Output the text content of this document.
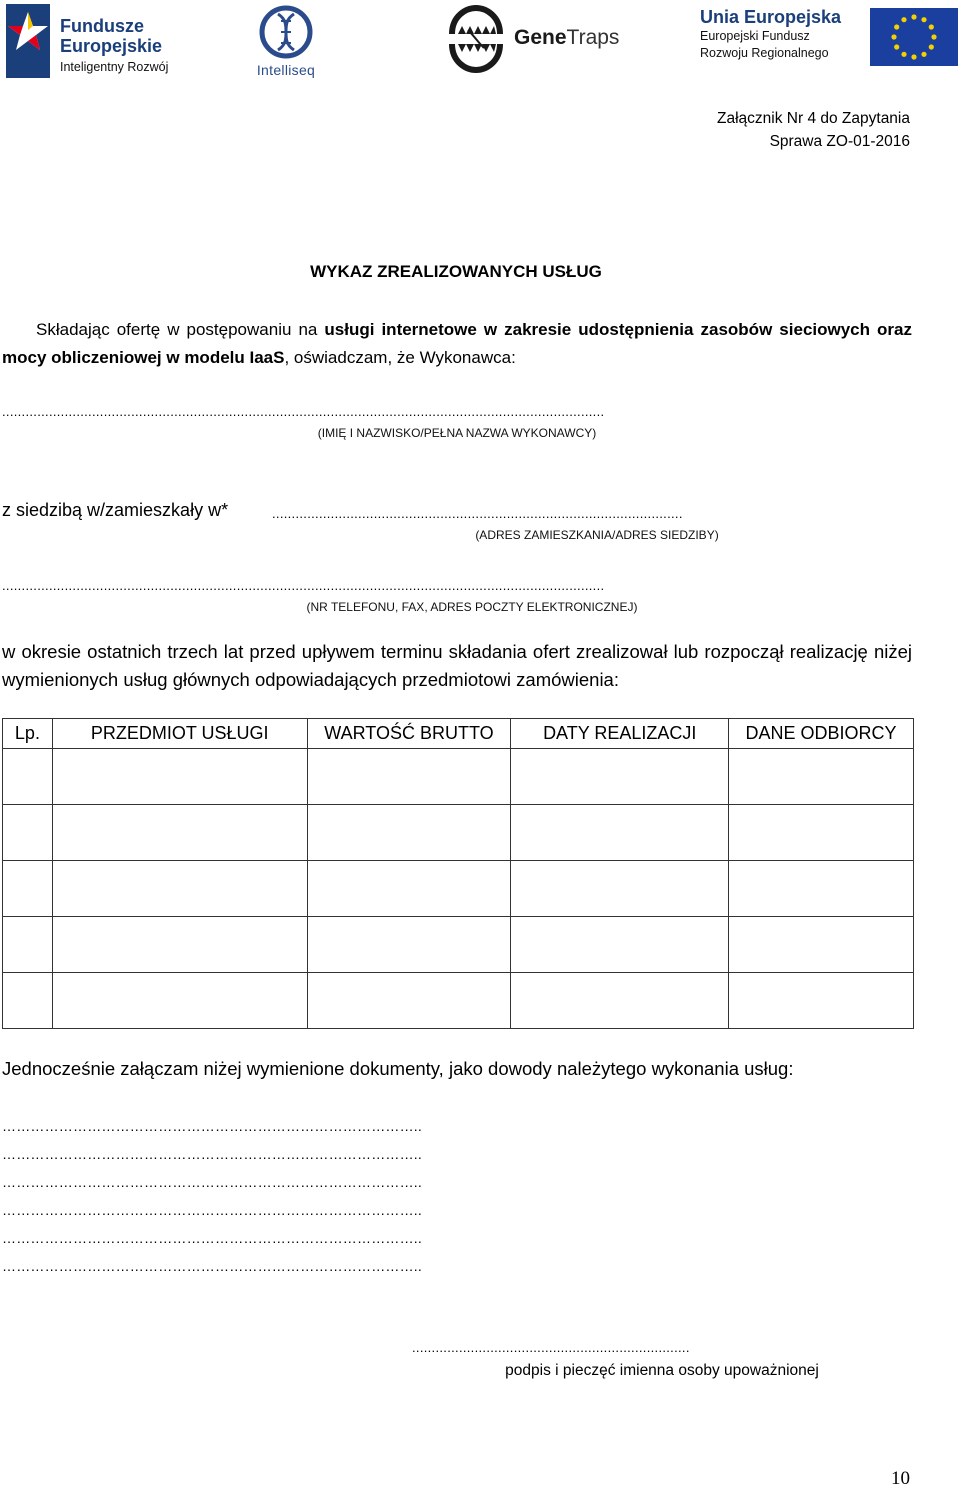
Fundusze
Europejskie
Inteligentny Rozwój	Intelliseq
GeneTraps
Unia Europejska
Europejski Fundusz
Rozwoju Regionalnego
Załącznik Nr 4 do Zapytania
Sprawa ZO-01-2016
WYKAZ ZREALIZOWANYCH USŁUG
Składając ofertę w postępowaniu na usługi internetowe w zakresie udostępnienia zasobów sieciowych oraz mocy obliczeniowej w modelu IaaS, oświadczam, że Wykonawca:
..........................................................................................................................................................
(IMIĘ I NAZWISKO/PEŁNA NAZWA WYKONAWCY)
z siedzibą w/zamieszkały w*	.........................................................................................................
(ADRES ZAMIESZKANIA/ADRES SIEDZIBY)
..........................................................................................................................................................
(NR TELEFONU, FAX, ADRES POCZTY ELEKTRONICZNEJ)
w okresie ostatnich trzech lat przed upływem terminu składania ofert zrealizował lub rozpoczął realizację niżej wymienionych usług głównych odpowiadających przedmiotowi zamówienia:
Lp.	PRZEDMIOT USŁUGI	WARTOŚĆ BRUTTO	DATY REALIZACJI	DANE ODBIORCY

Jednocześnie załączam niżej wymienione dokumenty, jako dowody należytego wykonania usług:
……………………………………………………………………………..
……………………………………………………………………………..
……………………………………………………………………………..
……………………………………………………………………………..
……………………………………………………………………………..
……………………………………………………………………………..
.......................................................................
podpis i pieczęć imienna osoby upoważnionej
10
